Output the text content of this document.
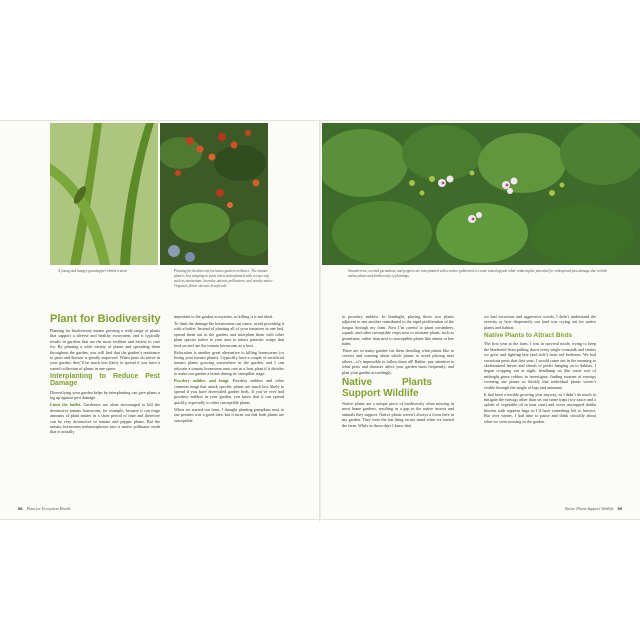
A young and hungry grasshopper climbs a stem.	Planting for biodiversity increases garden resilience. The tomato plant is less tempting to pests when underplanted with a trap crop such as nasturtium; lavender attracts pollinators; and nearby native Virginia’s flower attracts beneficials.
Strawberries, scented geraniums, and peppers are interplanted with a native goldenrod to create mixed appeal while reducing the potential for widespread pest damage due to both native plants and biodiversity of plantings.
Plant for Biodiversity

Planting for biodiversity means growing a wide range of plants that support a diverse and healthy ecosystem, and it typically results in gardens that are the most resilient and easiest to care for. By planting a wide variety of plants and spreading them throughout the garden, you will find that the garden’s resistance to pests and disease is greatly improved. When pests do arrive in your garden, they’ll be much less likely to spread if you have a varied collection of plants in one space.

Interplanting to Reduce Pest Damage

Diversifying your garden helps by interplanting can give plants a leg up against pest damage.

Limit the buffet. Gardeners are often encouraged to kill the destructive tomato hornworm, for example, because it can forge amounts of plant matter in a short period of time and therefore can be very destructive to tomato and pepper plants. But the tomato hornworm metamorphoses into a native pollinator moth that is actually

important to the garden ecosystem, so killing it is not ideal.

To limit the damage the hornworms can cause, avoid providing it with a buffet. Instead of planting all of your tomatoes in one bed, spread them out in the garden, and interplant them with other plant species native to your area to attract parasitic wasps that feed on and use the tomato hornworm as a host.

Relocation is another great alternative to killing hornworms (or losing your tomato plants). I typically have a couple of sacrificial tomato plants growing somewhere in the garden, and I can relocate a tomato hornworm onto one as a host plant if it decides to make our garden a home during its caterpillar stage.

Powdery mildew and fungi. Powdery mildew and other common fungi that attack specific plants are much less likely to spread if you have diversified garden beds. If you’ve ever had powdery mildew in your garden, you know that it can spread quickly, especially to other susceptible plants.

When we started our farm, I thought planting pumpkins next to our peonies was a good idea, but it turns out that both plants are susceptible

to powdery mildew. In hindsight, placing those two plants adjacent to one another contributed to the rapid proliferation of the fungus through my farm. Now I’m careful to plant cucumbers, squash, and other susceptible crops next to resistant plants, such as geraniums, rather than next to susceptible plants like zinnia or bee balm.

There are so many garden cut them detailing what plants like to coexist and warning about which plants to avoid placing next others—it’s impossible to follow them all! Rather, pay attention to what pests and diseases affect your garden most frequently, and plan your garden accordingly.

Native Plants Support Wildlife

Native plants are a unique piece of biodiversity often missing in most home gardens, resulting in a gap in the native insects and animals they support. Native plants weren’t always a focus here in my garden. They were the last thing on my mind when we started the farm. While in those days I knew that

we had voracious and aggressive weeds, I didn’t understand the severity or how desperately our land was crying out for native plants and habitat.

Native Plants to Attract Birds

The first year at the farm, I was in survival mode, trying to keep the bindweed from pulling down every single cornstalk and strains we grew and fighting bite (and itch!) from red bedstraw. We had voracious pests that first year: I would come out in the morning to skeletonized leaves and shreds of petals hanging on to dahlias. I began cropping out at night, headlamp on like some sort of midnight grave robber, to investigate, finding swarms of earwigs covering our plants so thickly that individual plants weren’t visible through the tangle of legs and antennae.

It had been a terrible growing year anyway, so I didn’t do much to mitigate the earwigs other than set out some traps (soy sauce and a splash of vegetable oil in tuna cans) and cover uncropped dahlia blooms with organza bags so I’d have something left to harvest. But over winter, I had time to pause and think critically about what we were missing in the garden.

58 Plant for Ecosystem Health	Native Plants Support Wildlife 59
